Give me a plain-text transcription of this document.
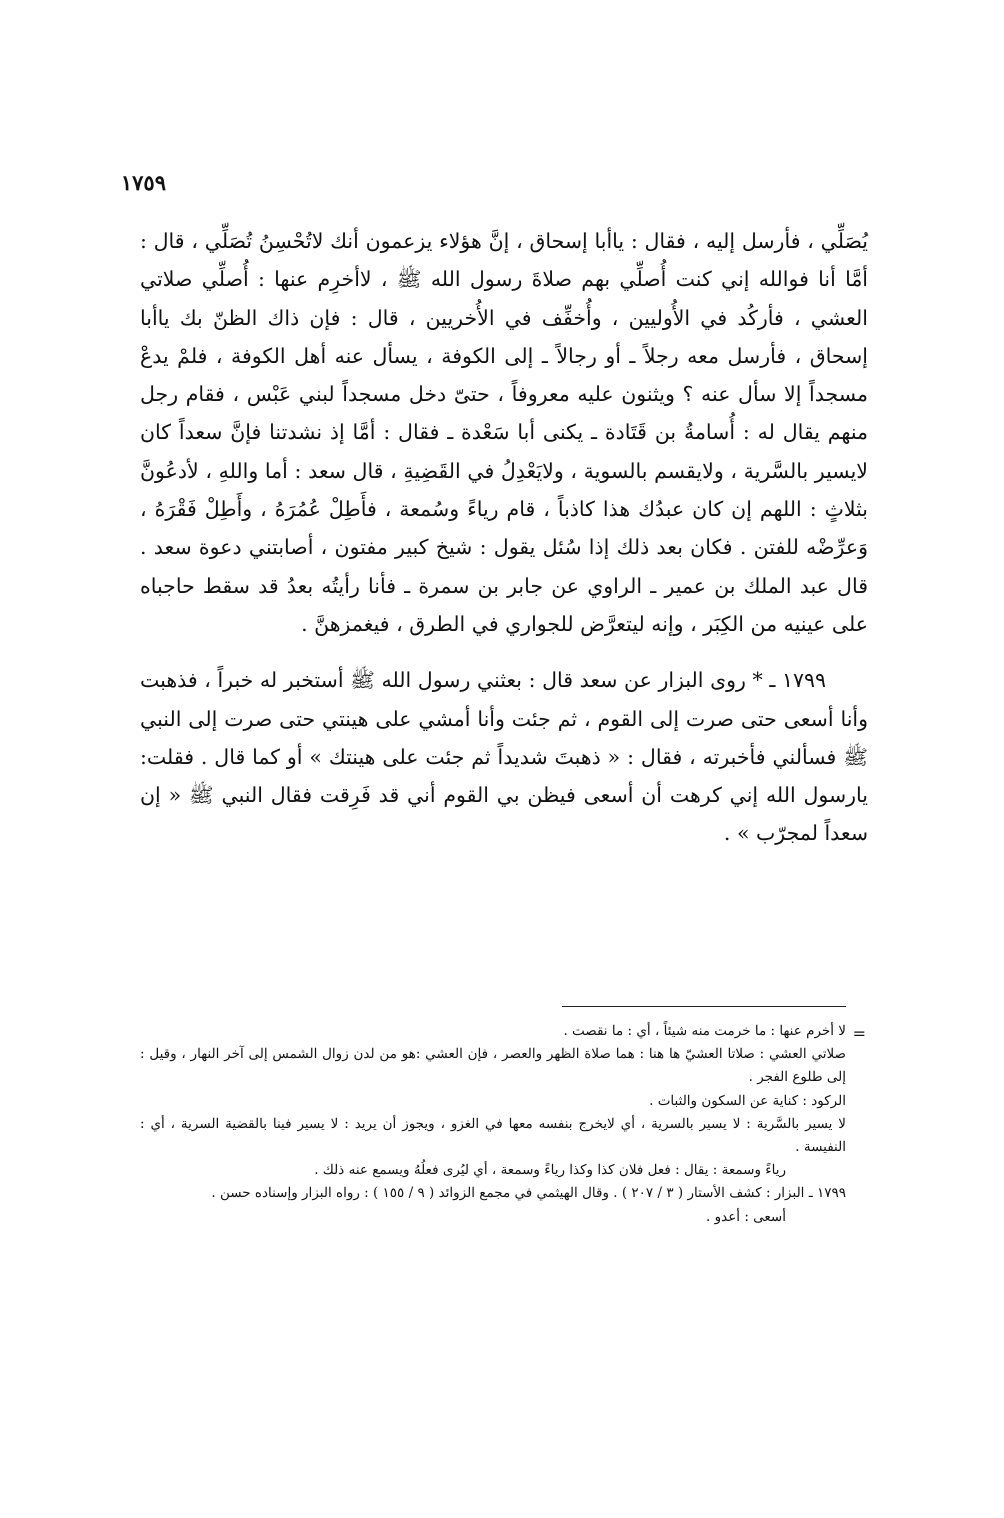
١٧٥٩

يُصَلِّي ، فأرسل إليه ، فقال : ياأبا إسحاق ، إنَّ هؤلاء يزعمون أنك لاتُحْسِنُ تُصَلِّي ، قال : أمَّا أنا فوالله إني كنت أُصلِّي بهم صلاةَ رسول الله ﷺ ، لاأخرِم عنها : أُصلِّي صلاتي العشي ، فأركُد في الأُوليين ، وأُخفِّف في الأُخريين ، قال : فإن ذاك الظنّ بك ياأبا إسحاق ، فأرسل معه رجلاً ـ أو رجالاً ـ إلى الكوفة ، يسأل عنه أهل الكوفة ، فلمْ يدعْ مسجداً إلا سأل عنه ؟ ويثنون عليه معروفاً ، حتىّ دخل مسجداً لبني عَبْس ، فقام رجل منهم يقال له : أُسامةُ بن قَتَادة ـ يكنى أبا سَعْدة ـ فقال : أمَّا إذ نشدتنا فإنَّ سعداً كان لايسير بالسَّرية ، ولايقسم بالسوية ، ولايَعْدِلُ في القَضِيةِ ، قال سعد : أما واللهِ ، لأدعُونَّ بثلاثٍ : اللهم إن كان عبدُك هذا كاذباً ، قام رياءً وسُمعة ، فأَطِلْ عُمُرَهُ ، وأَطِلْ فَقْرَهُ ، وَعرِّضْه للفتن . فكان بعد ذلك إذا سُئل يقول : شيخ كبير مفتون ، أصابتني دعوة سعد . قال عبد الملك بن عمير ـ الراوي عن جابر بن سمرة ـ فأنا رأيتُه بعدُ قد سقط حاجباه على عينيه من الكِبَر ، وإنه ليتعرَّض للجواري في الطرق ، فيغمزهنَّ .

١٧٩٩ ـ * روى البزار عن سعد قال : بعثني رسول الله ﷺ أستخبر له خبراً ، فذهبت وأنا أسعى حتى صرت إلى القوم ، ثم جئت وأنا أمشي على هينتي حتى صرت إلى النبي ﷺ فسألني فأخبرته ، فقال : « ذهبتَ شديداً ثم جئت على هينتك » أو كما قال . فقلت: يارسول الله إني كرهت أن أسعى فيظن بي القوم أني قد فَرِقت فقال النبي ﷺ « إن سعداً لمجرّب » .

=

لا أخرم عنها : ما خرمت منه شيئاً ، أي : ما نقصت .

صلاتي العشي : صلاتا العشيّ ها هنا : هما صلاة الظهر والعصر ، فإن العشي :هو من لدن زوال الشمس إلى آخر النهار ، وقيل : إلى طلوع الفجر .

الركود : كناية عن السكون والثبات .

لا يسير بالسَّرية : لا يسير بالسرية ، أي لايخرج بنفسه معها في الغزو ، ويجوز أن يريد : لا يسير فينا بالقضية السرية ، أي : النفيسة .

رياءً وسمعة : يقال : فعل فلان كذا وكذا رياءً وسمعة ، أي ليُرى فعلُهُ ويسمع عنه ذلك .

١٧٩٩ ـ البزار : كشف الأستار ( ٣ / ٢٠٧ ) . وقال الهيثمي في مجمع الزوائد ( ٩ / ١٥٥ ) : رواه البزار وإسناده حسن .

أسعى : أعدو .
